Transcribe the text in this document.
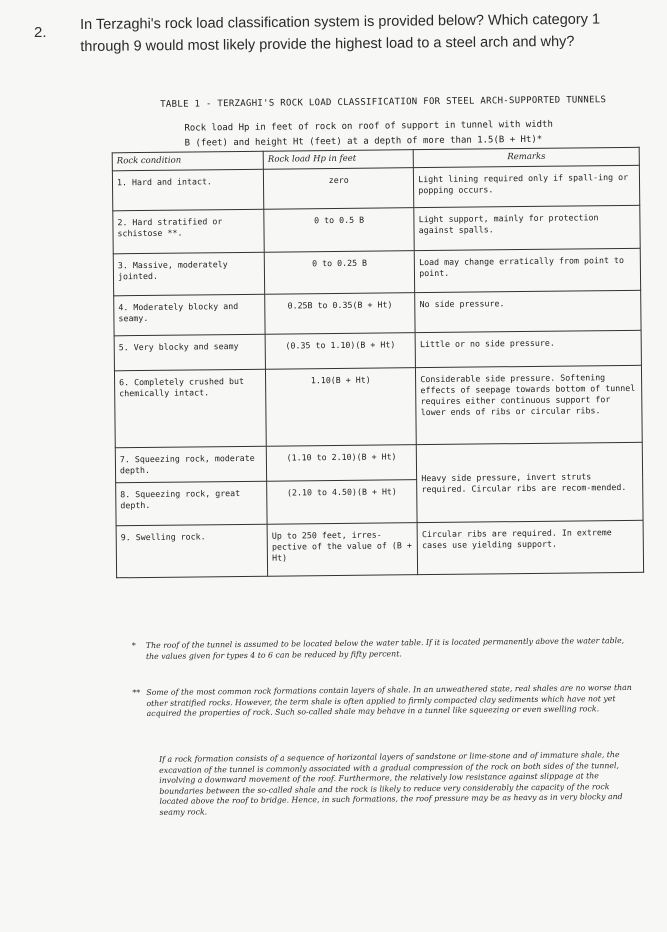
2. In Terzaghi's rock load classification system is provided below? Which category 1 through 9 would most likely provide the highest load to a steel arch and why?
TABLE 1 - TERZAGHI'S ROCK LOAD CLASSIFICATION FOR STEEL ARCH-SUPPORTED TUNNELS
Rock load Hp in feet of rock on roof of support in tunnel with width
B (feet) and height Ht (feet) at a depth of more than 1.5(B + Ht)*
Rock condition	Rock load Hp in feet	Remarks

1. Hard and intact.	zero	Light lining required only if spall-ing or popping occurs.

2. Hard stratified or schistose **.	0 to 0.5 B	Light support, mainly for protection against spalls.

3. Massive, moderately jointed.	0 to 0.25 B	Load may change erratically from point to point.

4. Moderately blocky and seamy.	0.25B to 0.35(B + Ht)	No side pressure.

5. Very blocky and seamy	(0.35 to 1.10)(B + Ht)	Little or no side pressure.

6. Completely crushed but chemically intact.	1.10(B + Ht)	Considerable side pressure. Softening effects of seepage towards bottom of tunnel requires either continuous support for lower ends of ribs or circular ribs.

7. Squeezing rock, moderate depth.	(1.10 to 2.10)(B + Ht)	Heavy side pressure, invert struts required. Circular ribs are recom-mended.

8. Squeezing rock, great depth.	(2.10 to 4.50)(B + Ht)	

9. Swelling rock.	Up to 250 feet, irres-pective of the value of (B + Ht)	Circular ribs are required. In extreme cases use yielding support.
* The roof of the tunnel is assumed to be located below the water table. If it is located permanently above the water table, the values given for types 4 to 6 can be reduced by fifty percent.
** Some of the most common rock formations contain layers of shale. In an unweathered state, real shales are no worse than other stratified rocks. However, the term shale is often applied to firmly compacted clay sediments which have not yet acquired the properties of rock. Such so-called shale may behave in a tunnel like squeezing or even swelling rock.
If a rock formation consists of a sequence of horizontal layers of sandstone or lime-stone and of immature shale, the excavation of the tunnel is commonly associated with a gradual compression of the rock on both sides of the tunnel, involving a downward movement of the roof. Furthermore, the relatively low resistance against slippage at the boundaries between the so-called shale and the rock is likely to reduce very considerably the capacity of the rock located above the roof to bridge. Hence, in such formations, the roof pressure may be as heavy as in very blocky and seamy rock.
